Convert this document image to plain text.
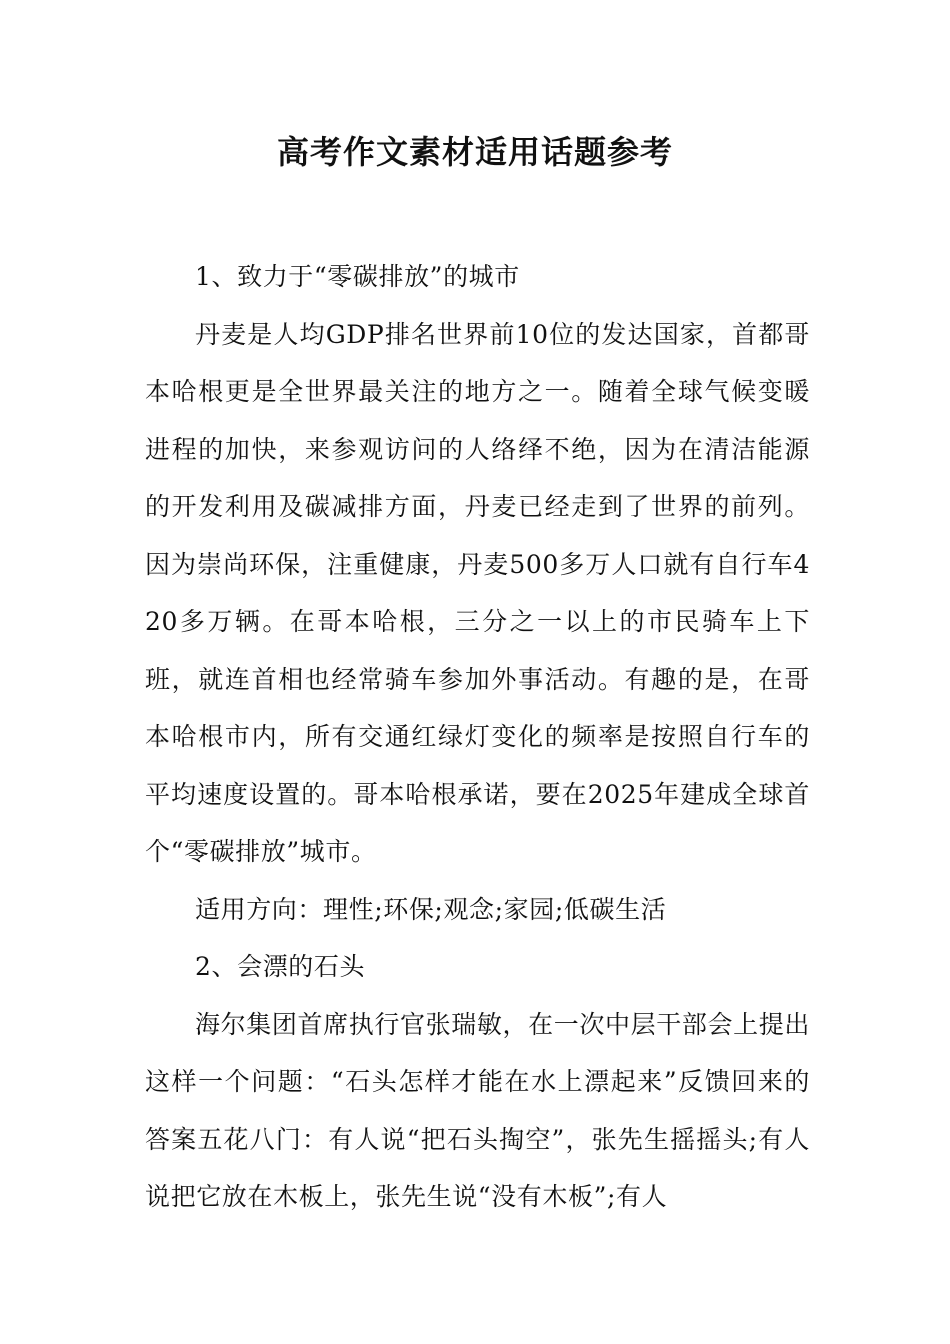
高考作文素材适用话题参考

1、致力于“零碳排放”的城市

丹麦是人均GDP排名世界前10位的发达国家，首都哥本哈根更是全世界最关注的地方之一。随着全球气候变暖进程的加快，来参观访问的人络绎不绝，因为在清洁能源的开发利用及碳减排方面，丹麦已经走到了世界的前列。因为崇尚环保，注重健康，丹麦500多万人口就有自行车420多万辆。在哥本哈根，三分之一以上的市民骑车上下班，就连首相也经常骑车参加外事活动。有趣的是，在哥本哈根市内，所有交通红绿灯变化的频率是按照自行车的平均速度设置的。哥本哈根承诺，要在2025年建成全球首个“零碳排放”城市。

适用方向：理性;环保;观念;家园;低碳生活

2、会漂的石头

海尔集团首席执行官张瑞敏，在一次中层干部会上提出这样一个问题：“石头怎样才能在水上漂起来”反馈回来的答案五花八门：有人说“把石头掏空”，张先生摇摇头;有人说把它放在木板上，张先生说“没有木板”;有人
